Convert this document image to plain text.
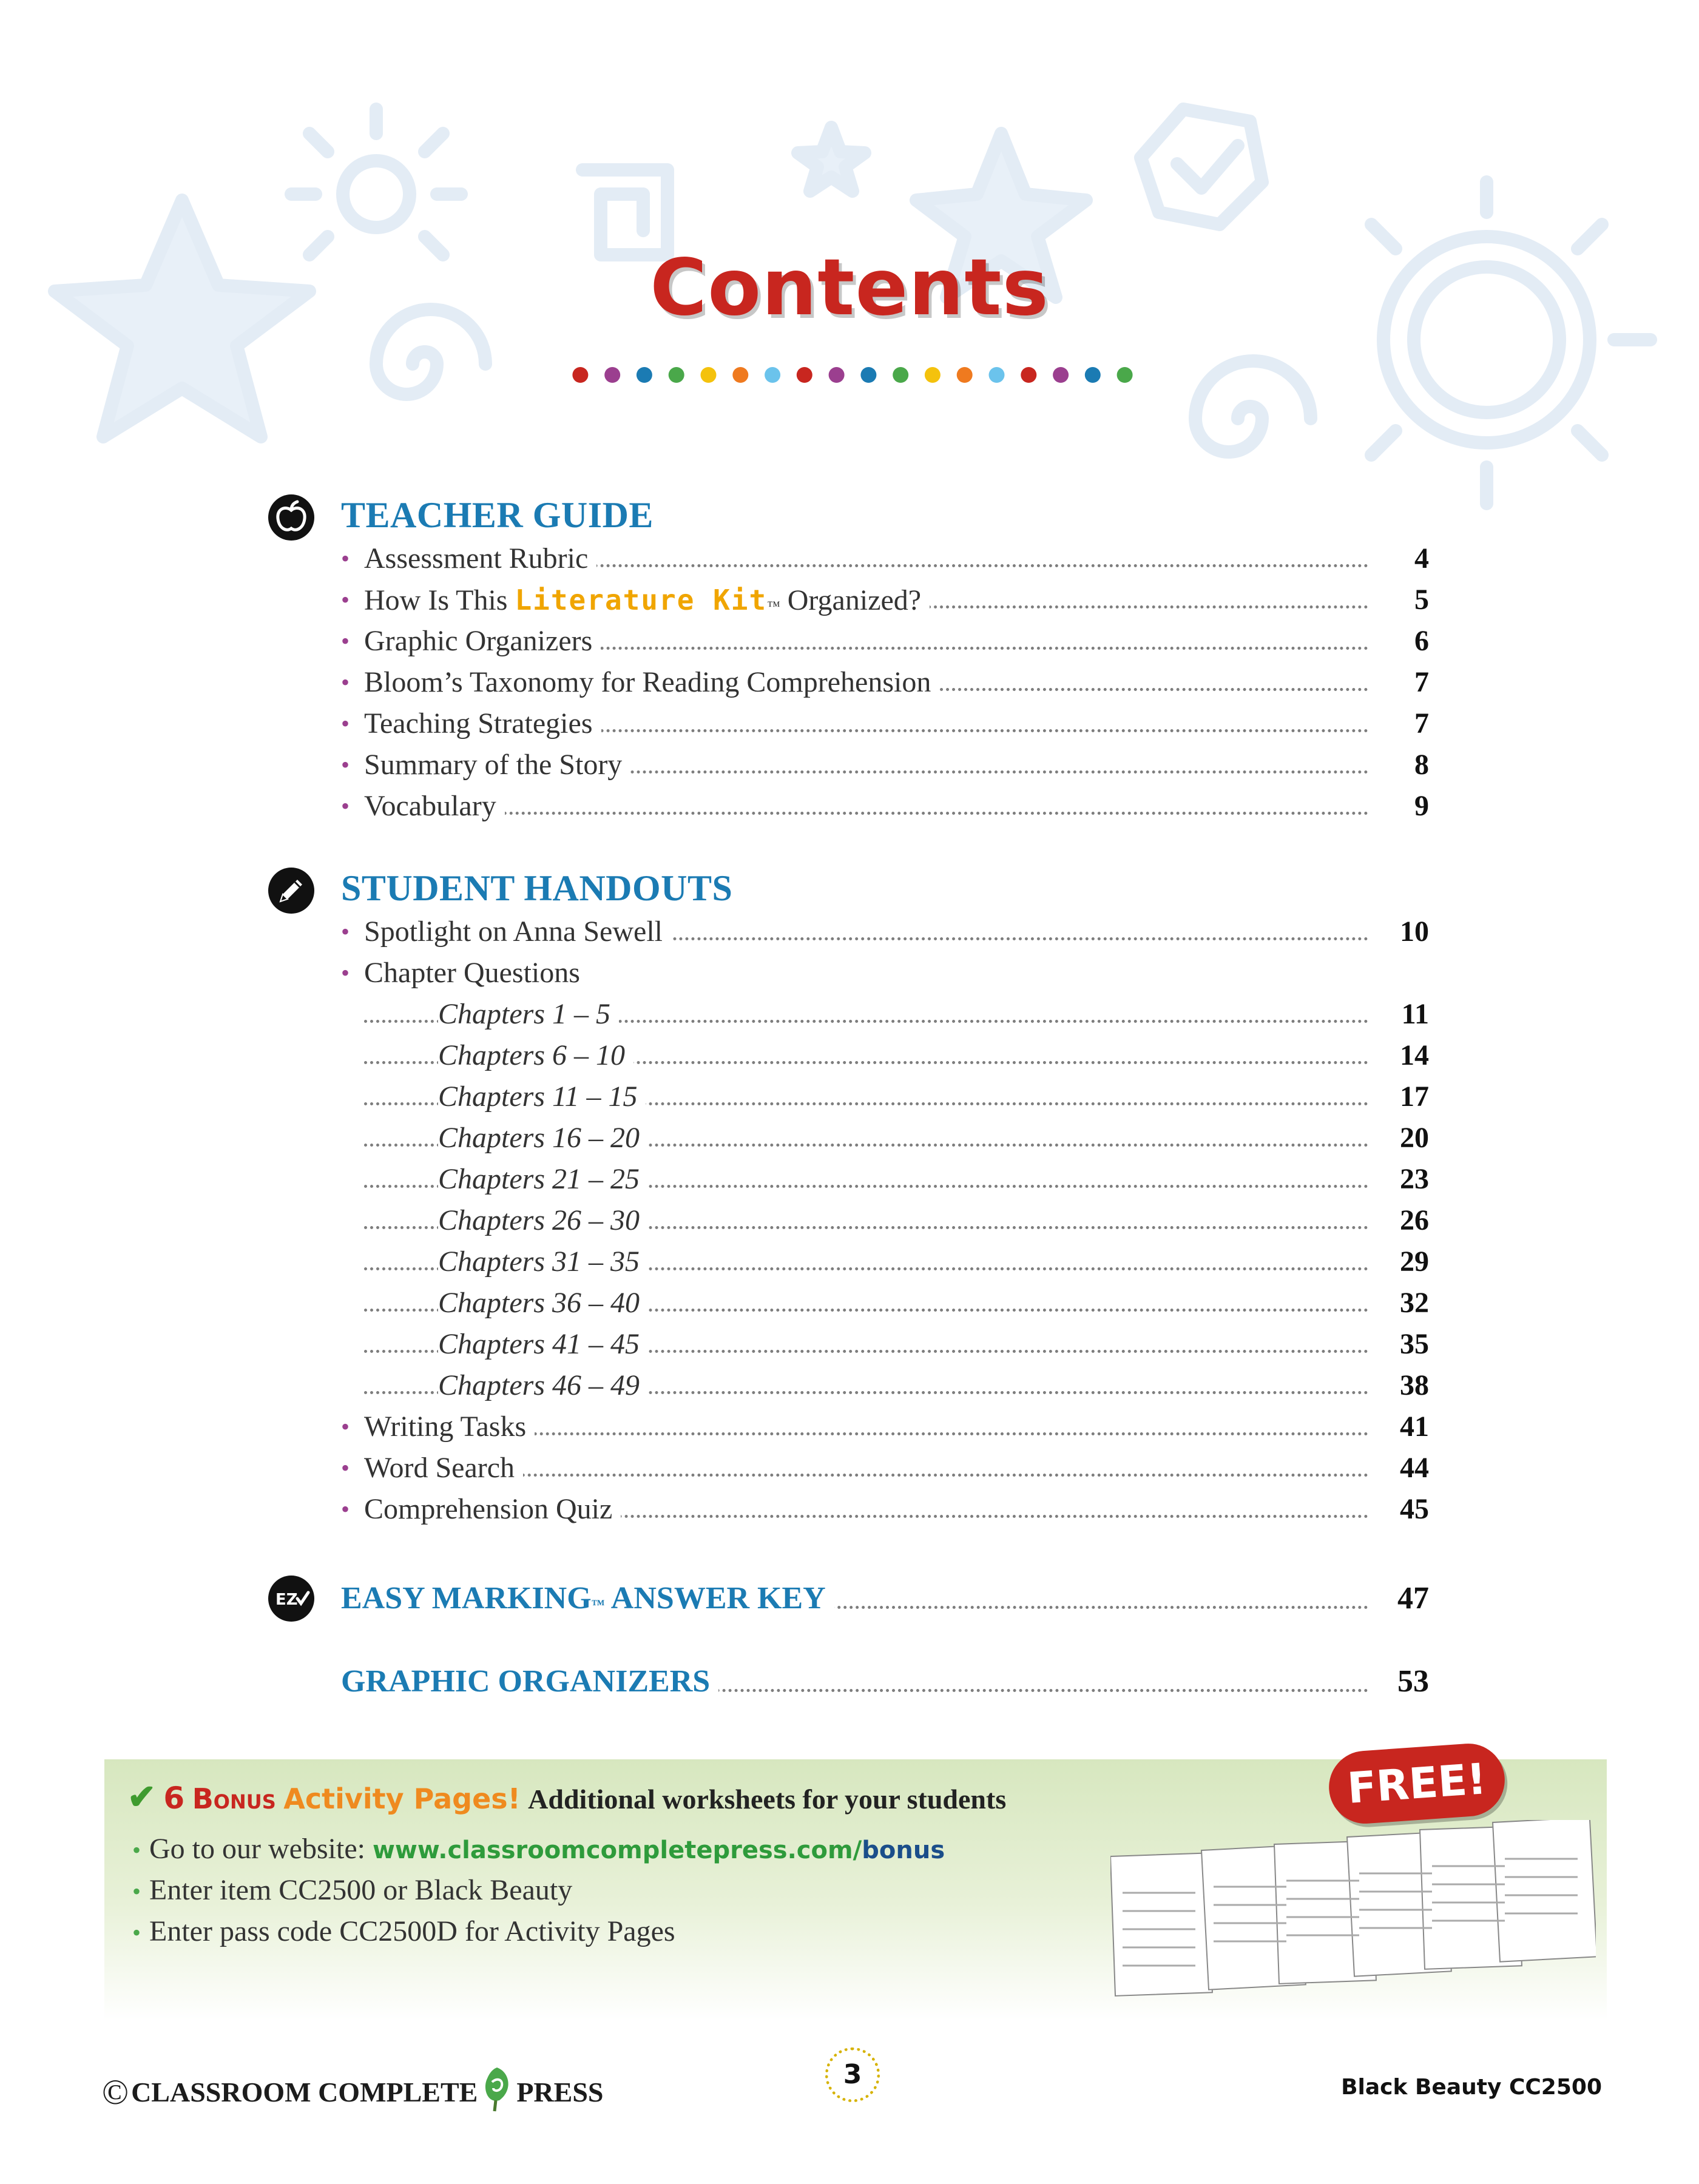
Contents
TEACHER GUIDE
• Assessment Rubric	4
• How Is This Literature Kit™ Organized?	5
• Graphic Organizers	6
• Bloom’s Taxonomy for Reading Comprehension	7
• Teaching Strategies	7
• Summary of the Story	8
• Vocabulary	9
STUDENT HANDOUTS
• Spotlight on Anna Sewell	10
• Chapter Questions
Chapters 1 – 5	11
Chapters 6 – 10	14
Chapters 11 – 15	17
Chapters 16 – 20	20
Chapters 21 – 25	23
Chapters 26 – 30	26
Chapters 31 – 35	29
Chapters 36 – 40	32
Chapters 41 – 45	35
Chapters 46 – 49	38
• Writing Tasks	41
• Word Search	44
• Comprehension Quiz	45
EZ EASY MARKING™ ANSWER KEY	47
GRAPHIC ORGANIZERS	53
✔ 6 Bonus Activity Pages! Additional worksheets for your students
• Go to our website: www.classroomcompletepress.com/bonus
• Enter item CC2500 or Black Beauty
• Enter pass code CC2500D for Activity Pages
FREE!
©CLASSROOM COMPLETE PRESS
3	Black Beauty CC2500
